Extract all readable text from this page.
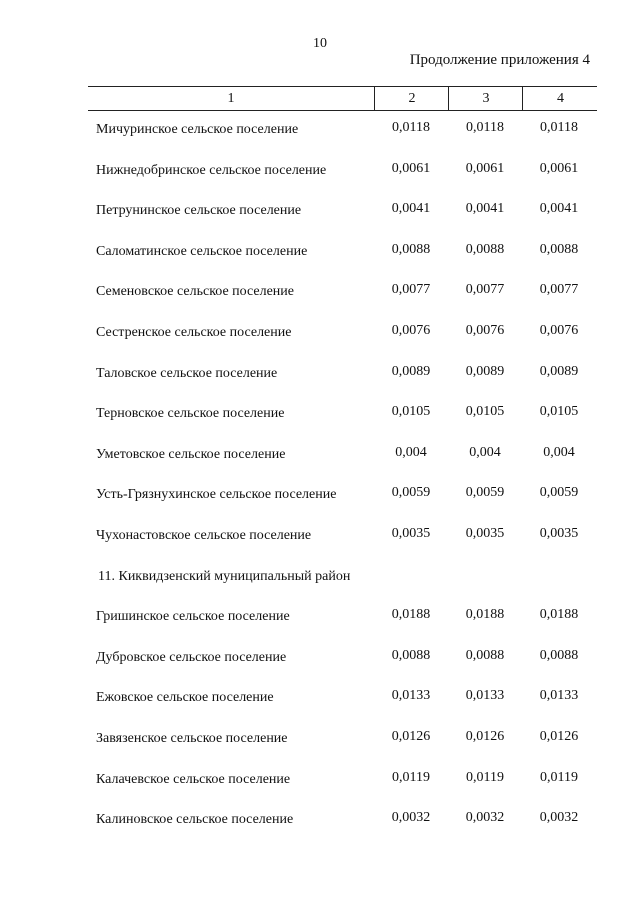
10
Продолжение приложения 4
1	2	3	4
Мичуринское сельское поселение	0,0118	0,0118	0,0118
Нижнедобринское сельское поселение	0,0061	0,0061	0,0061
Петрунинское сельское поселение	0,0041	0,0041	0,0041
Саломатинское сельское поселение	0,0088	0,0088	0,0088
Семеновское сельское поселение	0,0077	0,0077	0,0077
Сестренское сельское поселение	0,0076	0,0076	0,0076
Таловское сельское поселение	0,0089	0,0089	0,0089
Терновское сельское поселение	0,0105	0,0105	0,0105
Уметовское сельское поселение	0,004	0,004	0,004
Усть-Грязнухинское сельское поселение	0,0059	0,0059	0,0059
Чухонастовское сельское поселение	0,0035	0,0035	0,0035
11. Киквидзенский муниципальный район
Гришинское сельское поселение	0,0188	0,0188	0,0188
Дубровское сельское поселение	0,0088	0,0088	0,0088
Ежовское сельское поселение	0,0133	0,0133	0,0133
Завязенское сельское поселение	0,0126	0,0126	0,0126
Калачевское сельское поселение	0,0119	0,0119	0,0119
Калиновское сельское поселение	0,0032	0,0032	0,0032
